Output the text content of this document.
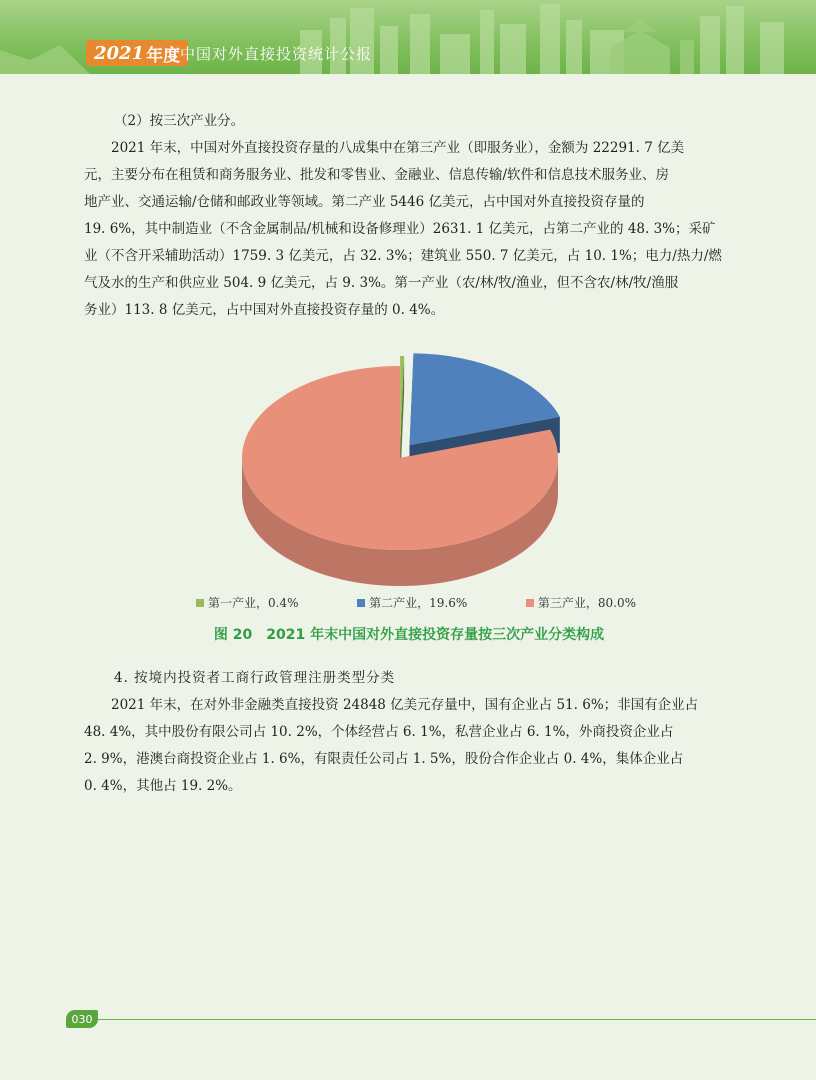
2021 年度 中国对外直接投资统计公报

（2）按三次产业分。

2021 年末，中国对外直接投资存量的八成集中在第三产业（即服务业），金额为 22291. 7 亿美

元，主要分布在租赁和商务服务业、批发和零售业、金融业、信息传输/软件和信息技术服务业、房

地产业、交通运输/仓储和邮政业等领域。第二产业 5446 亿美元，占中国对外直接投资存量的

19. 6%，其中制造业（不含金属制品/机械和设备修理业）2631. 1 亿美元，占第二产业的 48. 3%；采矿

业（不含开采辅助活动）1759. 3 亿美元，占 32. 3%；建筑业 550. 7 亿美元，占 10. 1%；电力/热力/燃

气及水的生产和供应业 504. 9 亿美元，占 9. 3%。第一产业（农/林/牧/渔业，但不含农/林/牧/渔服

务业）113. 8 亿美元，占中国对外直接投资存量的 0. 4%。

第一产业，0.4%	第二产业，19.6%	第三产业，80.0%
图 20　2021 年末中国对外直接投资存量按三次产业分类构成
4. 按境内投资者工商行政管理注册类型分类

2021 年末，在对外非金融类直接投资 24848 亿美元存量中，国有企业占 51. 6%；非国有企业占

48. 4%，其中股份有限公司占 10. 2%，个体经营占 6. 1%，私营企业占 6. 1%，外商投资企业占

2. 9%，港澳台商投资企业占 1. 6%，有限责任公司占 1. 5%，股份合作企业占 0. 4%，集体企业占

0. 4%，其他占 19. 2%。

030
